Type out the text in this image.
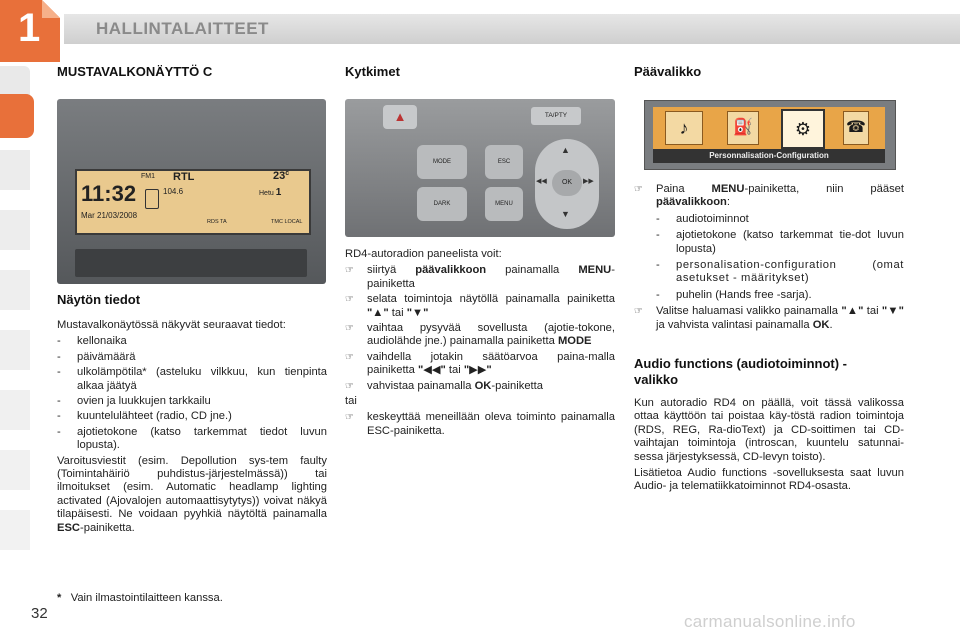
1	HALLINTALAITTEET
MUSTAVALKONÄYTTÖ C
11:32
Mar 21/03/2008
FM1 RTL
104.6
23$^c$
Hetu 1
RDS TA	TMC LOCAL
Näytön tiedot

Mustavalkonäytössä näkyvät seuraavat tiedot:

-	kellonaika
-	päivämäärä
-	ulkolämpötila* (asteluku vilkkuu, kun tienpinta alkaa jäätyä
-	ovien ja luukkujen tarkkailu
-	kuuntelulähteet (radio, CD jne.)
-	ajotietokone (katso tarkemmat tiedot luvun lopusta).

Varoitusviestit (esim. Depollution sys-tem faulty (Toimintahäiriö puhdistus-järjestelmässä)) tai ilmoitukset (esim. Automatic headlamp lighting activated (Ajovalojen automaattisytytys)) voivat näkyä tilapäisesti. Ne voidaan pyyhkiä näytöltä painamalla ESC-painiketta.

* Vain ilmastointilaitteen kanssa.
Kytkimet
▲	TA/PTY
MODE	ESC
DARK	MENU
▲
◀◀	OK	▶▶
▼

RD4-autoradion paneelista voit:

☞	siirtyä päävalikkoon painamalla MENU-painiketta
☞	selata toimintoja näytöllä painamalla painiketta "▲" tai "▼"
☞	vaihtaa pysyvää sovellusta (ajotie-tokone, audiolähde jne.) painamalla painiketta MODE
☞	vaihdella jotakin säätöarvoa paina-malla painiketta "◀◀" tai "▶▶"
☞	vahvistaa painamalla OK-painiketta

tai

☞	keskeyttää meneillään oleva toiminto painamalla ESC-painiketta.
Päävalikko
♪	⛽	⚙	☎
Personnalisation-Configuration
☞	Paina MENU-painiketta, niin pääset päävalikkoon:
-	audiotoiminnot
-	ajotietokone (katso tarkemmat tie-dot luvun lopusta)
-	personalisation-configuration (omat asetukset - määritykset)
-	puhelin (Hands free -sarja).
☞	Valitse haluamasi valikko painamalla "▲" tai "▼" ja vahvista valintasi painamalla OK.
Audio functions (audiotoiminnot) -valikko

Kun autoradio RD4 on päällä, voit tässä valikossa ottaa käyttöön tai poistaa käy-töstä radion toimintoja (RDS, REG, Ra-dioText) ja CD-soittimen tai CD-vaihtajan toimintoja (introscan, kuuntelu satunnai-sessa järjestyksessä, CD-levyn toisto).

Lisätietoa Audio functions -sovelluksesta saat luvun Audio- ja telematiikkatoiminnot RD4-osasta.

32	carmanualsonline.info
